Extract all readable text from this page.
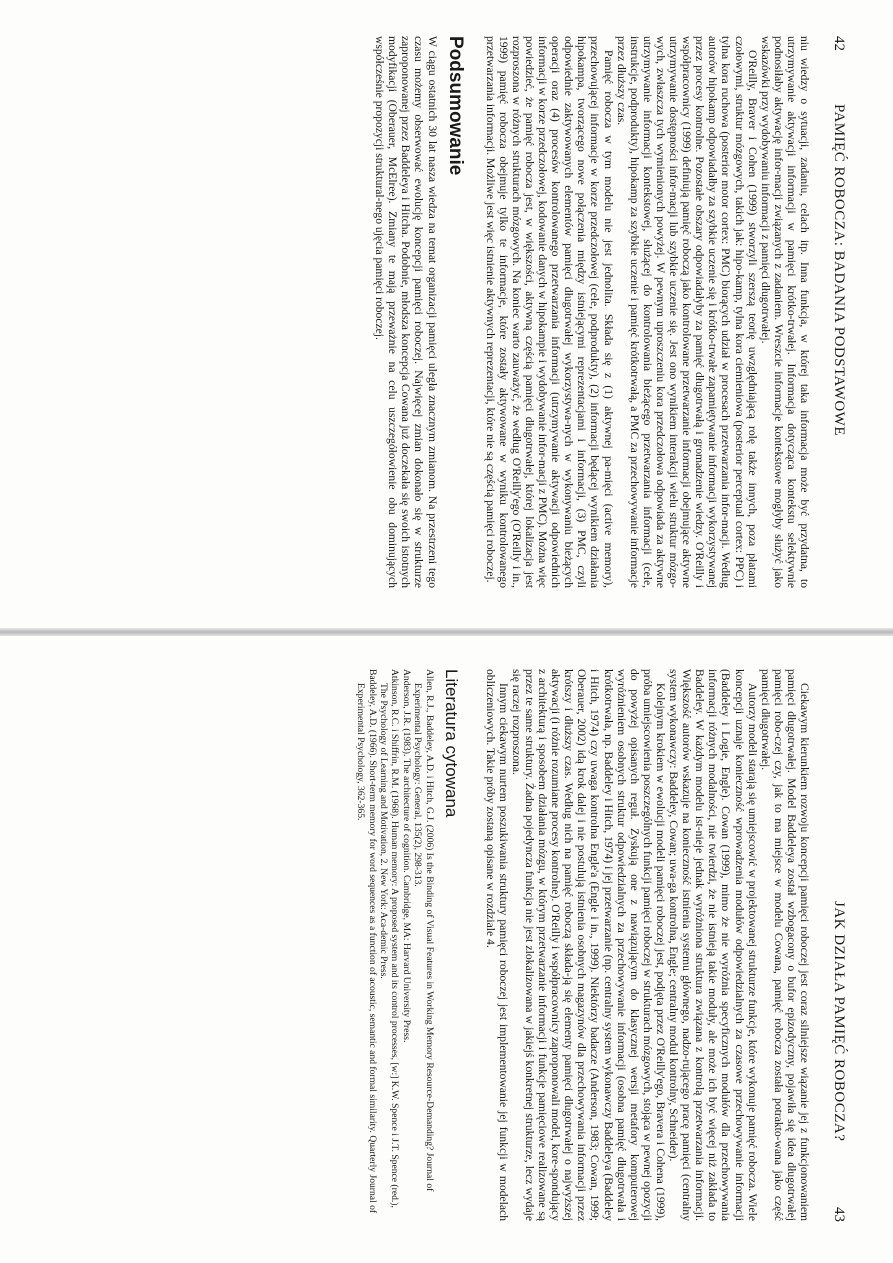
42
PAMIĘĆ ROBOCZA: BADANIA PODSTAWOWE

niu wiedzy o sytuacji, zadaniu, celach itp. Inna funkcja, w której taka informacja może być przydatna, to utrzymywanie aktywacji informacji w pamięci krótko-trwałej. Informacja dotycząca kontekstu selektywnie podnosiłaby aktywację infor-macji związanych z zadaniem. Wreszcie informacje kontekstowe mogłyby służyć jako wskazówki przy wydobywaniu informacji z pamięci długotrwałej.

O'Reilly, Braver i Cohen (1999) stworzyli szerszą teorię uwzględniającą rolę także innych, poza płatami czołowymi, struktur mózgowych, takich jak: hipo-kamp, tylna kora ciemieniowa (posterior perceptual cortex: PPC) i tylna kora ruchowa (posterior motor cortex: PMC) biorących udział w procesach przetwarzania infor-macji. Według autorów hipokamp odpowiadałby za szybkie uczenie się i krótko-trwałe zapamiętywanie informacji wykorzystywanej przez procesy kontrolne. Pozostałe obszary odpowiadałyby za pamięć długotrwałą i gromadzenie wiedzy. O'Reilly i współpracownicy (1999) definiują pamięć roboczą jako kontrolowane przetwarzanie informacji obejmujące aktywne utrzymywanie dostępności infor-macji lub szybkie uczenie się. Jest ono wynikiem interakcji wielu struktur mózgo-wych, zwłaszcza tych wymienionych powyżej. W pewnym uproszczeniu kora przedczołowa odpowiada za aktywne utrzymywanie informacji kontekstowej, służącej do kontrolowania bieżącego przetwarzania informacji (cele, instrukcje, podprodukty), hipokamp za szybkie uczenie i pamięć krótkotrwałą, a PMC za przechowywanie informacje przez dłuższy czas.

Pamięć robocza w tym modelu nie jest jednolita. Składa się z (1) aktywnej pa-mięci (active memory), przechowującej informacje w korze przedczołowej (cele, podprodukty), (2) informacji będącej wynikiem działania hipokampa, tworzącego nowe połączenia między istniejącymi reprezentacjami i informacji, (3) PMC, czyli odpowiednie zaktywowanych elementów pamięci długotrwałej wykorzystywa-nych w wykonywaniu bieżących operacji oraz (4) procesów kontrolowanego przetwarzania informacji (utrzymywanie aktywacji odpowiednich informacji w korze przedczołowej, kodowanie danych w hipokampie i wydobywanie infor-macji z PMC). Można więc powiedzieć, że pamięć robocza jest, w większości, aktywną częścią pamięci długotrwałej, której lokalizacja jest rozproszona w różnych strukturach mózgowych. Na koniec warto zauważyć, że według O'Reilly'ego (O'Reilly i in., 1999) pamięć robocza obejmuje tylko te informacje, które zostały aktywowane w wyniku kontrolowanego przetwarzania informacji. Możliwe jest więc istnienie aktywnych reprezentacji, które nie są częścią pamięci roboczej.

Podsumowanie

W ciągu ostatnich 30 lat nasza wiedza na temat organizacji pamięci uległa znacznym zmianom. Na przestrzeni tego czasu możemy obserwować ewolucję koncepcji pamięci roboczej. Najwięcej zmian dokonało się w strukturze zaproponowanej przez Baddeleya i Hitcha. Podobnie, młodsza koncepcja Cowana już doczekała się swoich istotnych modyfikacji (Oberauer, McElree). Zmiany te mają przeważnie na celu uszczegółowienie obu dominujących współcześnie propozycji struktural-nego ujęcia pamięci roboczej.

JAK DZIAŁA PAMIĘĆ ROBOCZA?
43

Ciekawym kierunkiem rozwoju koncepcji pamięci roboczej jest coraz silniejsze wiązanie jej z funkcjonowaniem pamięci długotrwałej. Model Baddeleya został wzbogacony o bufor epizodyczny, pojawiła się idea długotrwałej pamięci robo-czej czy, jak to ma miejsce w modelu Cowana, pamięć robocza została potrakto-wana jako część pamięci długotrwałej.

Autorzy modeli starają się umiejscowić w projektowanej strukturze funkcje, które wykonuje pamięć robocza. Wiele koncepcji uznaje konieczność wprowadzenia modułów odpowiedzialnych za czasowe przechowywanie informacji (Baddeley i Logie, Engle). Cowan (1999), mimo że nie wyróżnia specyficznych modułów dla przechowywania informacji różnych modalności, nie twierdzi, że nie istnieją takie moduły, ale może ich być więcej niż zakłada to Baddeley. W każdym modelu ist-nieje jednak wyróżniona struktura związana z kontrolą przetwarzania informacji. Większość autorów wskazuje na konieczność istnienia systemu głównego, nadzo-rującego pracę pamięci (centralny system wykonawczy: Baddeley, Cowan; uwa-ga kontrolna, Engle; centralny moduł kontrolny, Schneider).

Kolejnym krokiem w ewolucji modeli pamięci roboczej jest, podjęta przez O'Reilly'ego, Bravera i Cohena (1999), próba umiejscowienia poszczególnych funkcji pamięci roboczej w strukturach mózgowych, stojąca w pewnej opozycji do powyżej opisanych reguł. Zyskują one z nawiązującym do klasycznej wersji metafory komputerowej wyróżnieniem osobnych struktur odpowiedzialnych za przechowywanie informacji (osobna pamięć długotrwała i krótkotrwała, np. Baddeley i Hitch, 1974) i jej przetwarzanie (np. centralny system wykonawczy Baddeleya (Baddeley i Hitch, 1974) czy uwaga kontrolna Engle'a (Engle i in., 1999). Niektórzy badacze (Anderson, 1983; Cowan, 1999; Oberauer, 2002) idą krok dalej i nie postulują istnienia osobnych magazynów dla przechowywania informacji przez krótszy i dłuższy czas. Według nich na pamięć roboczą składa-ją się elementy pamięci długotrwałej o najwyższej aktywacji (i różnie rozumiane procesy kontrolne). O'Reilly i współpracownicy zaproponowali model, kore-spondujący z architekturą i sposobem działania mózgu, w którym przetwarzanie informacji i funkcje pamięciowe realizowane są przez te same struktury. Żadna pojedyncza funkcja nie jest zlokalizowana w jakiejś konkretnej strukturze, lecz wydaje się raczej rozproszona.

Innym ciekawym nurtem poszukiwania struktury pamięci roboczej jest implementowanie jej funkcji w modelach obliczeniowych. Takie próby zostaną opisane w rozdziale 4.

Literatura cytowana
Allen, R.J., Baddeley, A.D. i Hitch, G.J. (2006) Is the Binding of Visual Features in Working Memory Resource-Demanding? Journal of Experimental Psychology: General, 135(2), 298-313.
Anderson, J.R. (1983). The architecture of cognition. Cambridge, MA: Harvard University Press.
Atkinson, R.C. i Shiffrin, R.M. (1968). Human memory: A proposed system and its control processes, [w:] K.W. Spence i J.T. Spence (red.), The Psychology of Learning and Motivation, 2. New York: Aca-demic Press.
Baddeley, A.D. (1966). Short-term memory for word sequences as a function of acoustic, semantic and formal similarity. Quarterly Journal of Experimental Psychology, 362-365.
